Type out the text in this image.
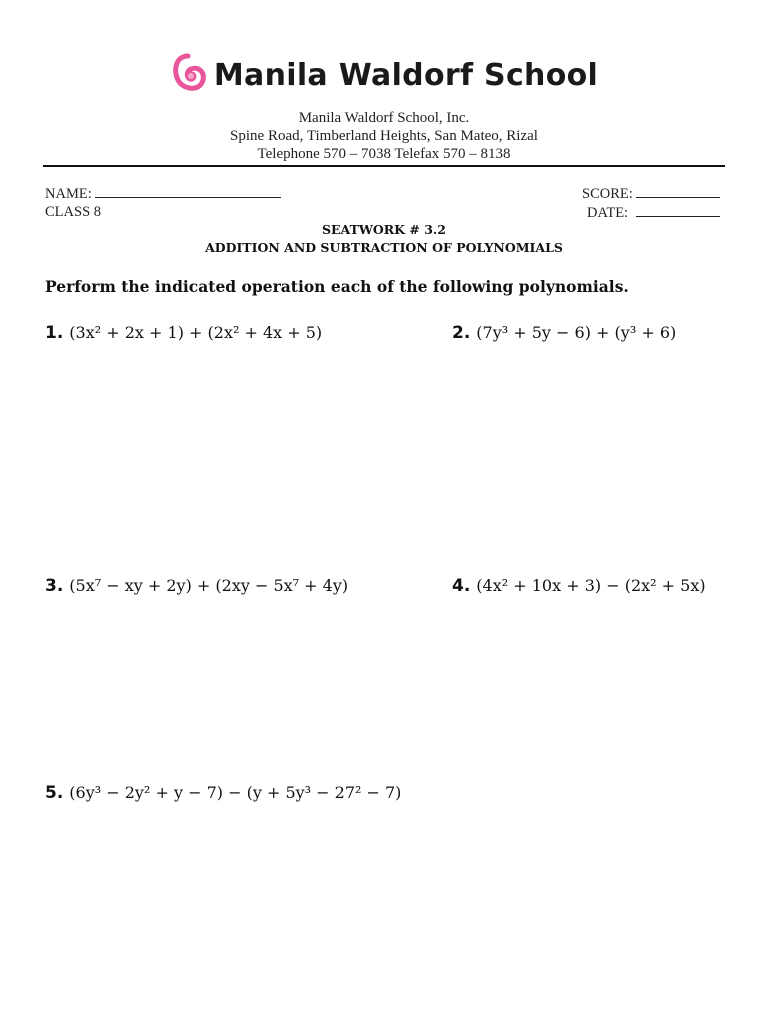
Manila Waldorf School
Manila Waldorf School, Inc.
Spine Road, Timberland Heights, San Mateo, Rizal
Telephone 570 – 7038 Telefax 570 – 8138
NAME:
CLASS 8
SCORE:
DATE:
SEATWORK # 3.2
ADDITION AND SUBTRACTION OF POLYNOMIALS
Perform the indicated operation each of the following polynomials.
1. (3x² + 2x + 1) + (2x² + 4x + 5)	2. (7y³ + 5y − 6) + (y³ + 6)
3. (5x⁷ − xy + 2y) + (2xy − 5x⁷ + 4y)	4. (4x² + 10x + 3) − (2x² + 5x)
5. (6y³ − 2y² + y − 7) − (y + 5y³ − 27² − 7)
